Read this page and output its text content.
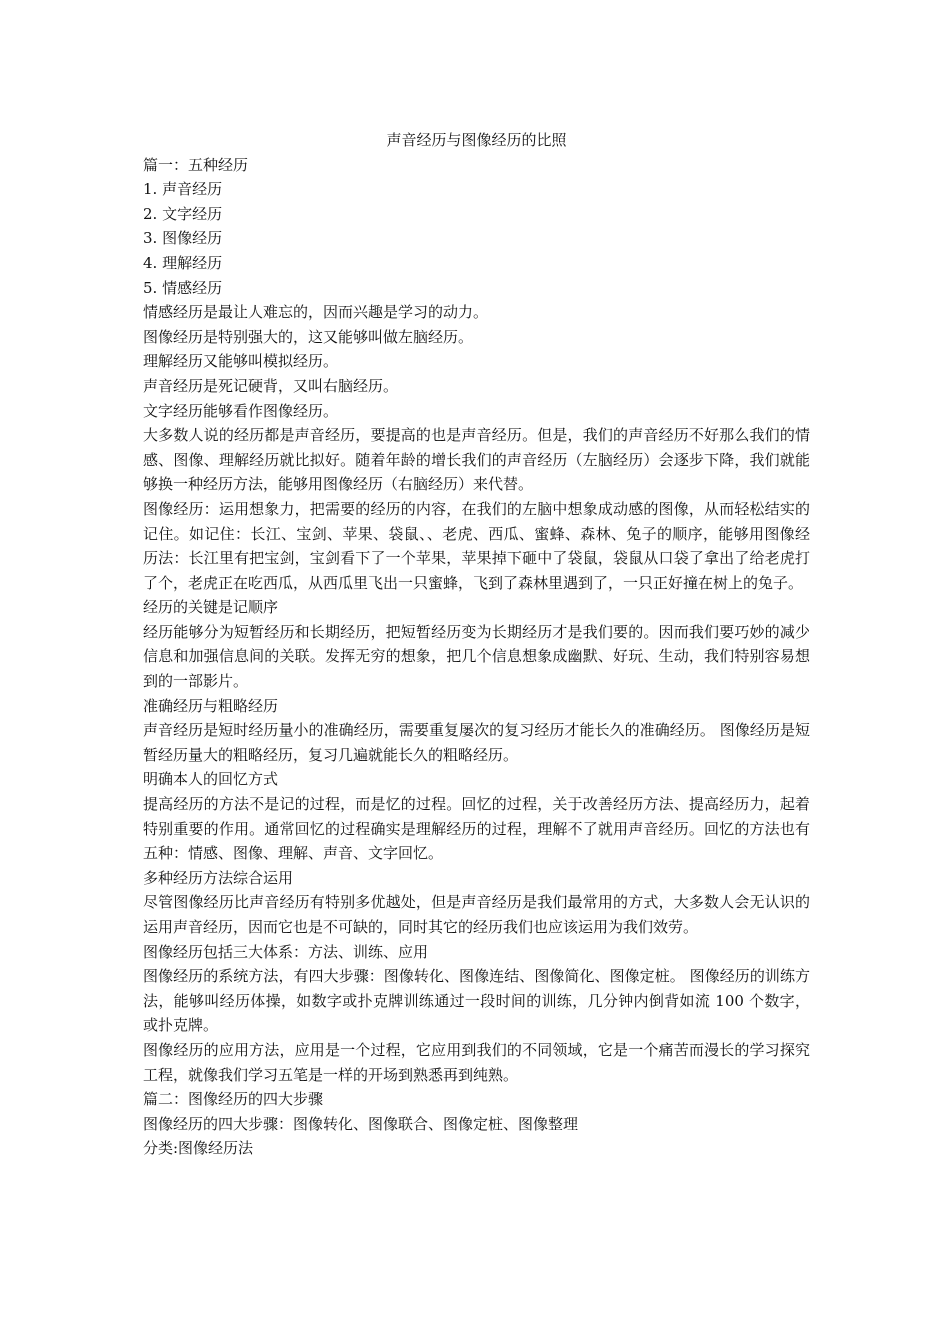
声音经历与图像经历的比照

篇一：五种经历

1. 声音经历

2. 文字经历

3. 图像经历

4. 理解经历

5. 情感经历

情感经历是最让人难忘的，因而兴趣是学习的动力。

图像经历是特别强大的，这又能够叫做左脑经历。

理解经历又能够叫模拟经历。

声音经历是死记硬背，又叫右脑经历。

文字经历能够看作图像经历。

大多数人说的经历都是声音经历，要提高的也是声音经历。但是，我们的声音经历不好那么我们的情感、图像、理解经历就比拟好。随着年龄的增长我们的声音经历（左脑经历）会逐步下降，我们就能够换一种经历方法，能够用图像经历（右脑经历）来代替。

图像经历：运用想象力，把需要的经历的内容，在我们的左脑中想象成动感的图像，从而轻松结实的记住。如记住：长江、宝剑、苹果、袋鼠、、老虎、西瓜、蜜蜂、森林、兔子的顺序，能够用图像经历法：长江里有把宝剑，宝剑看下了一个苹果，苹果掉下砸中了袋鼠，袋鼠从口袋了拿出了给老虎打了个，老虎正在吃西瓜，从西瓜里飞出一只蜜蜂，飞到了森林里遇到了，一只正好撞在树上的兔子。

经历的关键是记顺序

经历能够分为短暂经历和长期经历，把短暂经历变为长期经历才是我们要的。因而我们要巧妙的减少信息和加强信息间的关联。发挥无穷的想象，把几个信息想象成幽默、好玩、生动，我们特别容易想到的一部影片。

准确经历与粗略经历

声音经历是短时经历量小的准确经历，需要重复屡次的复习经历才能长久的准确经历。 图像经历是短暂经历量大的粗略经历，复习几遍就能长久的粗略经历。

明确本人的回忆方式

提高经历的方法不是记的过程，而是忆的过程。回忆的过程，关于改善经历方法、提高经历力，起着特别重要的作用。通常回忆的过程确实是理解经历的过程，理解不了就用声音经历。回忆的方法也有五种：情感、图像、理解、声音、文字回忆。

多种经历方法综合运用

尽管图像经历比声音经历有特别多优越处，但是声音经历是我们最常用的方式，大多数人会无认识的运用声音经历，因而它也是不可缺的，同时其它的经历我们也应该运用为我们效劳。

图像经历包括三大体系：方法、训练、应用

图像经历的系统方法，有四大步骤：图像转化、图像连结、图像简化、图像定桩。 图像经历的训练方法，能够叫经历体操，如数字或扑克牌训练通过一段时间的训练，几分钟内倒背如流 100 个数字，或扑克牌。

图像经历的应用方法，应用是一个过程，它应用到我们的不同领域，它是一个痛苦而漫长的学习探究工程，就像我们学习五笔是一样的开场到熟悉再到纯熟。

篇二：图像经历的四大步骤

图像经历的四大步骤：图像转化、图像联合、图像定桩、图像整理

分类:图像经历法
